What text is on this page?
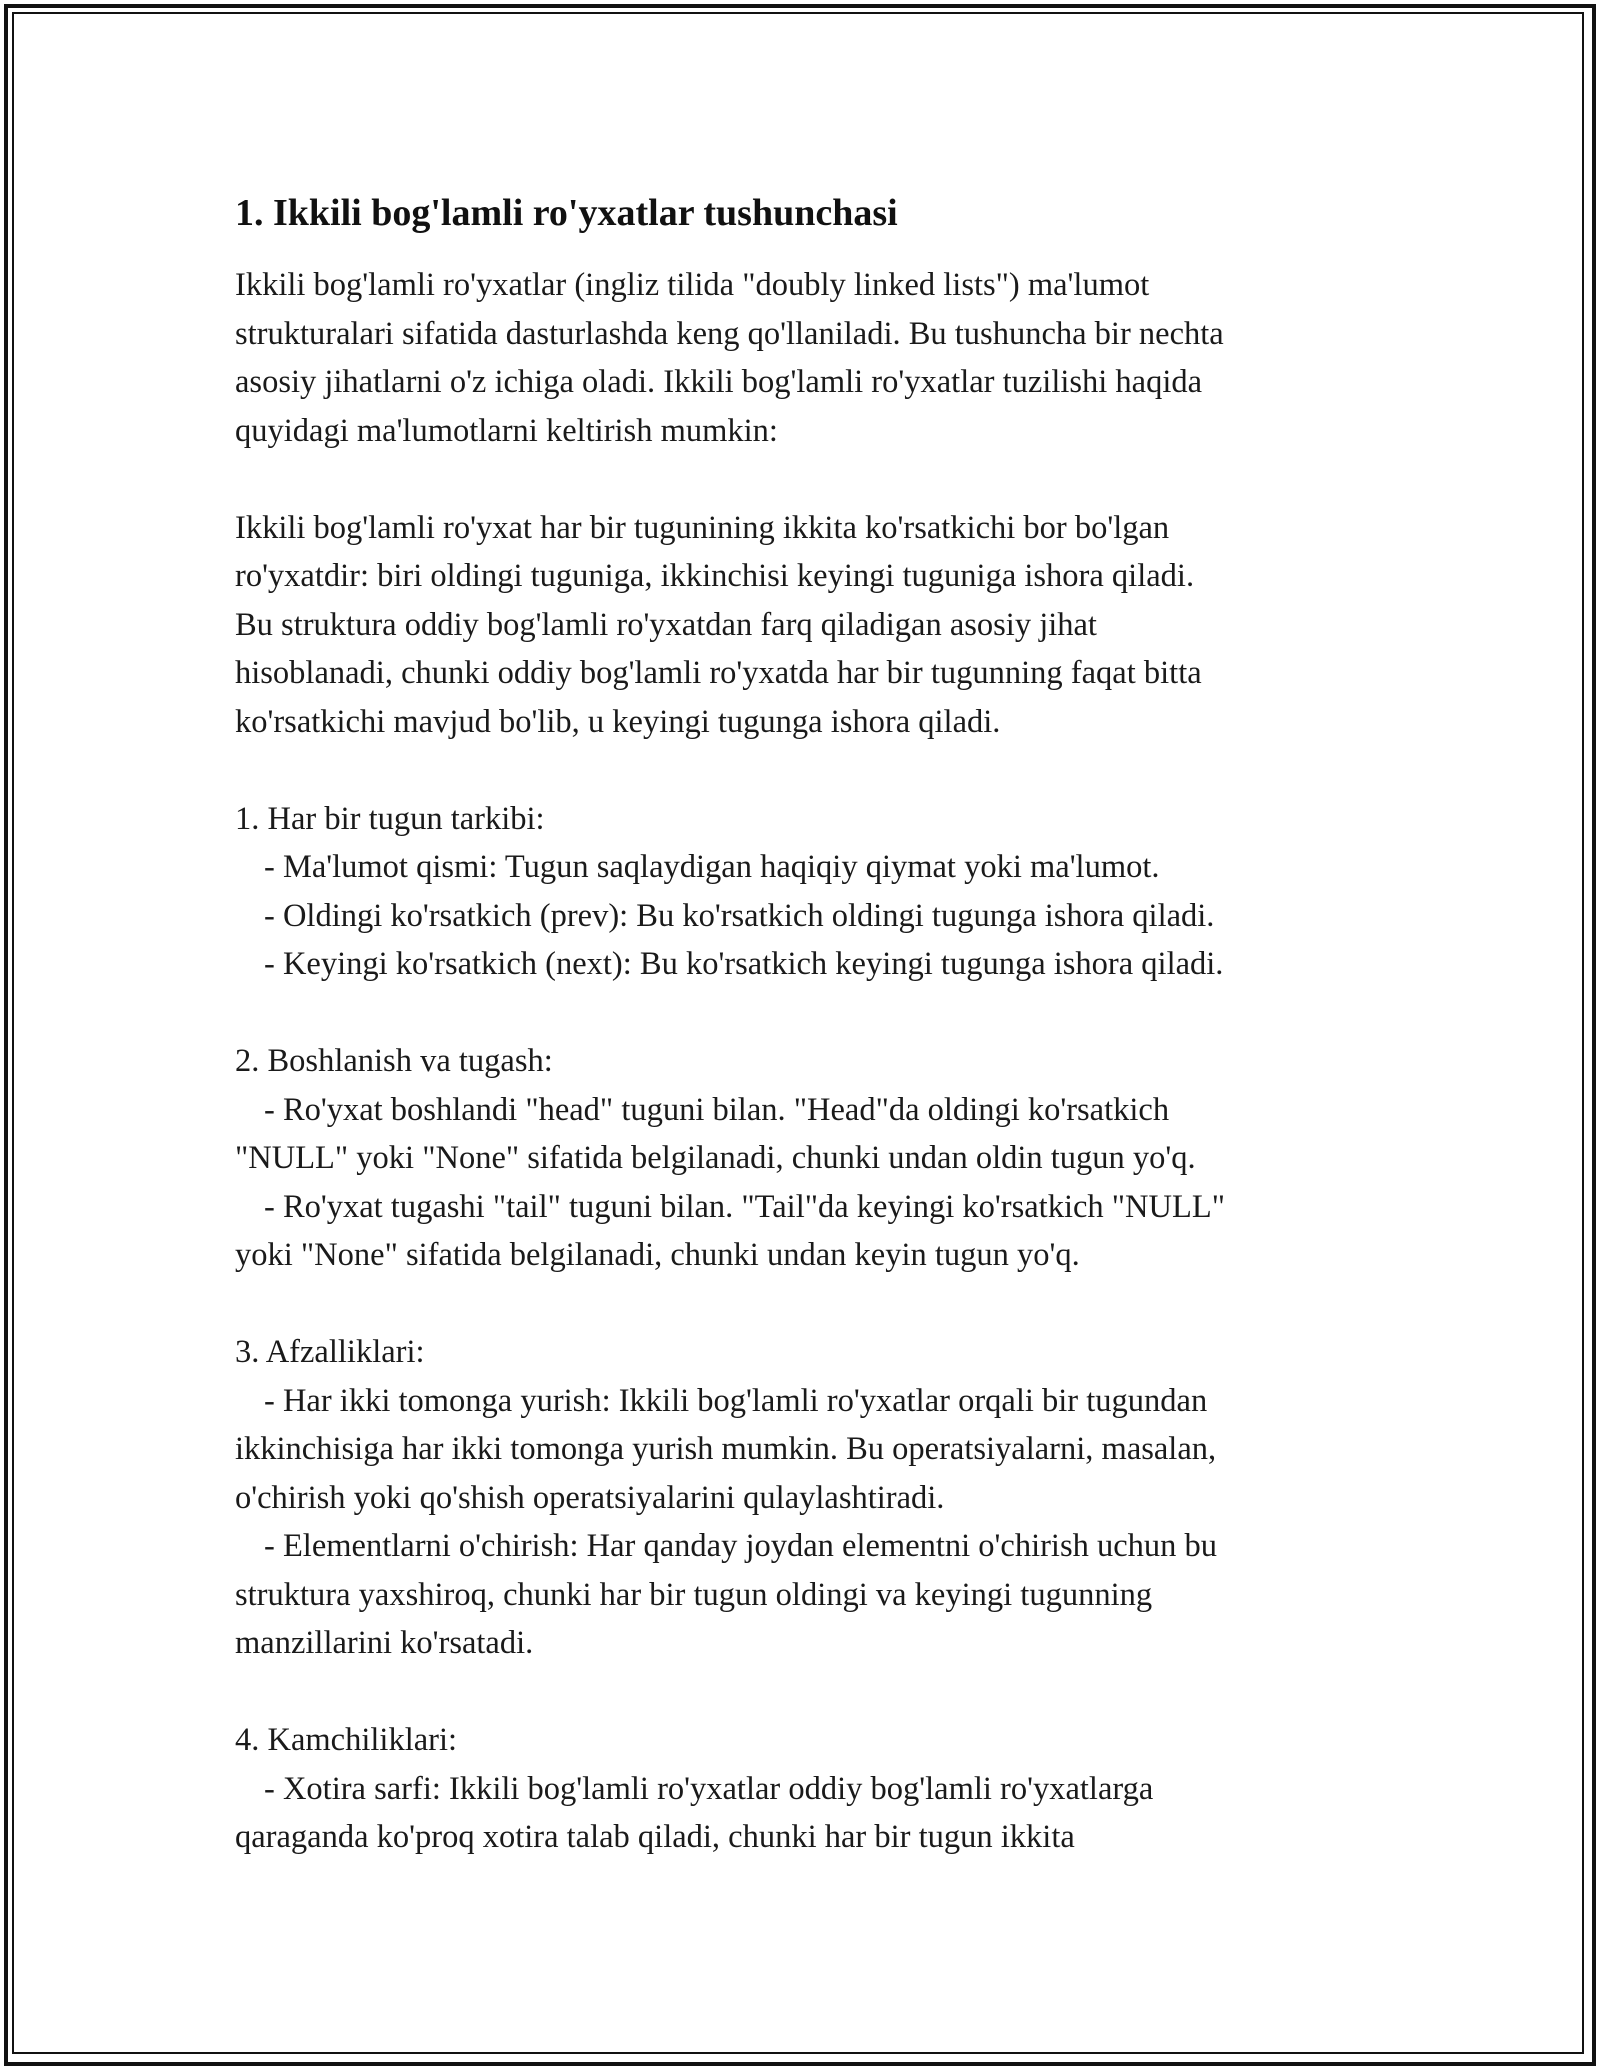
1. Ikkili bog'lamli ro'yxatlar tushunchasi

Ikkili bog'lamli ro'yxatlar (ingliz tilida "doubly linked lists") ma'lumot
strukturalari sifatida dasturlashda keng qo'llaniladi. Bu tushuncha bir nechta
asosiy jihatlarni o'z ichiga oladi. Ikkili bog'lamli ro'yxatlar tuzilishi haqida
quyidagi ma'lumotlarni keltirish mumkin:

Ikkili bog'lamli ro'yxat har bir tugunining ikkita ko'rsatkichi bor bo'lgan
ro'yxatdir: biri oldingi tuguniga, ikkinchisi keyingi tuguniga ishora qiladi.
Bu struktura oddiy bog'lamli ro'yxatdan farq qiladigan asosiy jihat
hisoblanadi, chunki oddiy bog'lamli ro'yxatda har bir tugunning faqat bitta
ko'rsatkichi mavjud bo'lib, u keyingi tugunga ishora qiladi.

1. Har bir tugun tarkibi:

- Ma'lumot qismi: Tugun saqlaydigan haqiqiy qiymat yoki ma'lumot.

- Oldingi ko'rsatkich (prev): Bu ko'rsatkich oldingi tugunga ishora qiladi.

- Keyingi ko'rsatkich (next): Bu ko'rsatkich keyingi tugunga ishora qiladi.

2. Boshlanish va tugash:

- Ro'yxat boshlandi "head" tuguni bilan. "Head"da oldingi ko'rsatkich

"NULL" yoki "None" sifatida belgilanadi, chunki undan oldin tugun yo'q.

- Ro'yxat tugashi "tail" tuguni bilan. "Tail"da keyingi ko'rsatkich "NULL"

yoki "None" sifatida belgilanadi, chunki undan keyin tugun yo'q.

3. Afzalliklari:

- Har ikki tomonga yurish: Ikkili bog'lamli ro'yxatlar orqali bir tugundan

ikkinchisiga har ikki tomonga yurish mumkin. Bu operatsiyalarni, masalan,

o'chirish yoki qo'shish operatsiyalarini qulaylashtiradi.

- Elementlarni o'chirish: Har qanday joydan elementni o'chirish uchun bu

struktura yaxshiroq, chunki har bir tugun oldingi va keyingi tugunning

manzillarini ko'rsatadi.

4. Kamchiliklari:

- Xotira sarfi: Ikkili bog'lamli ro'yxatlar oddiy bog'lamli ro'yxatlarga

qaraganda ko'proq xotira talab qiladi, chunki har bir tugun ikkita
